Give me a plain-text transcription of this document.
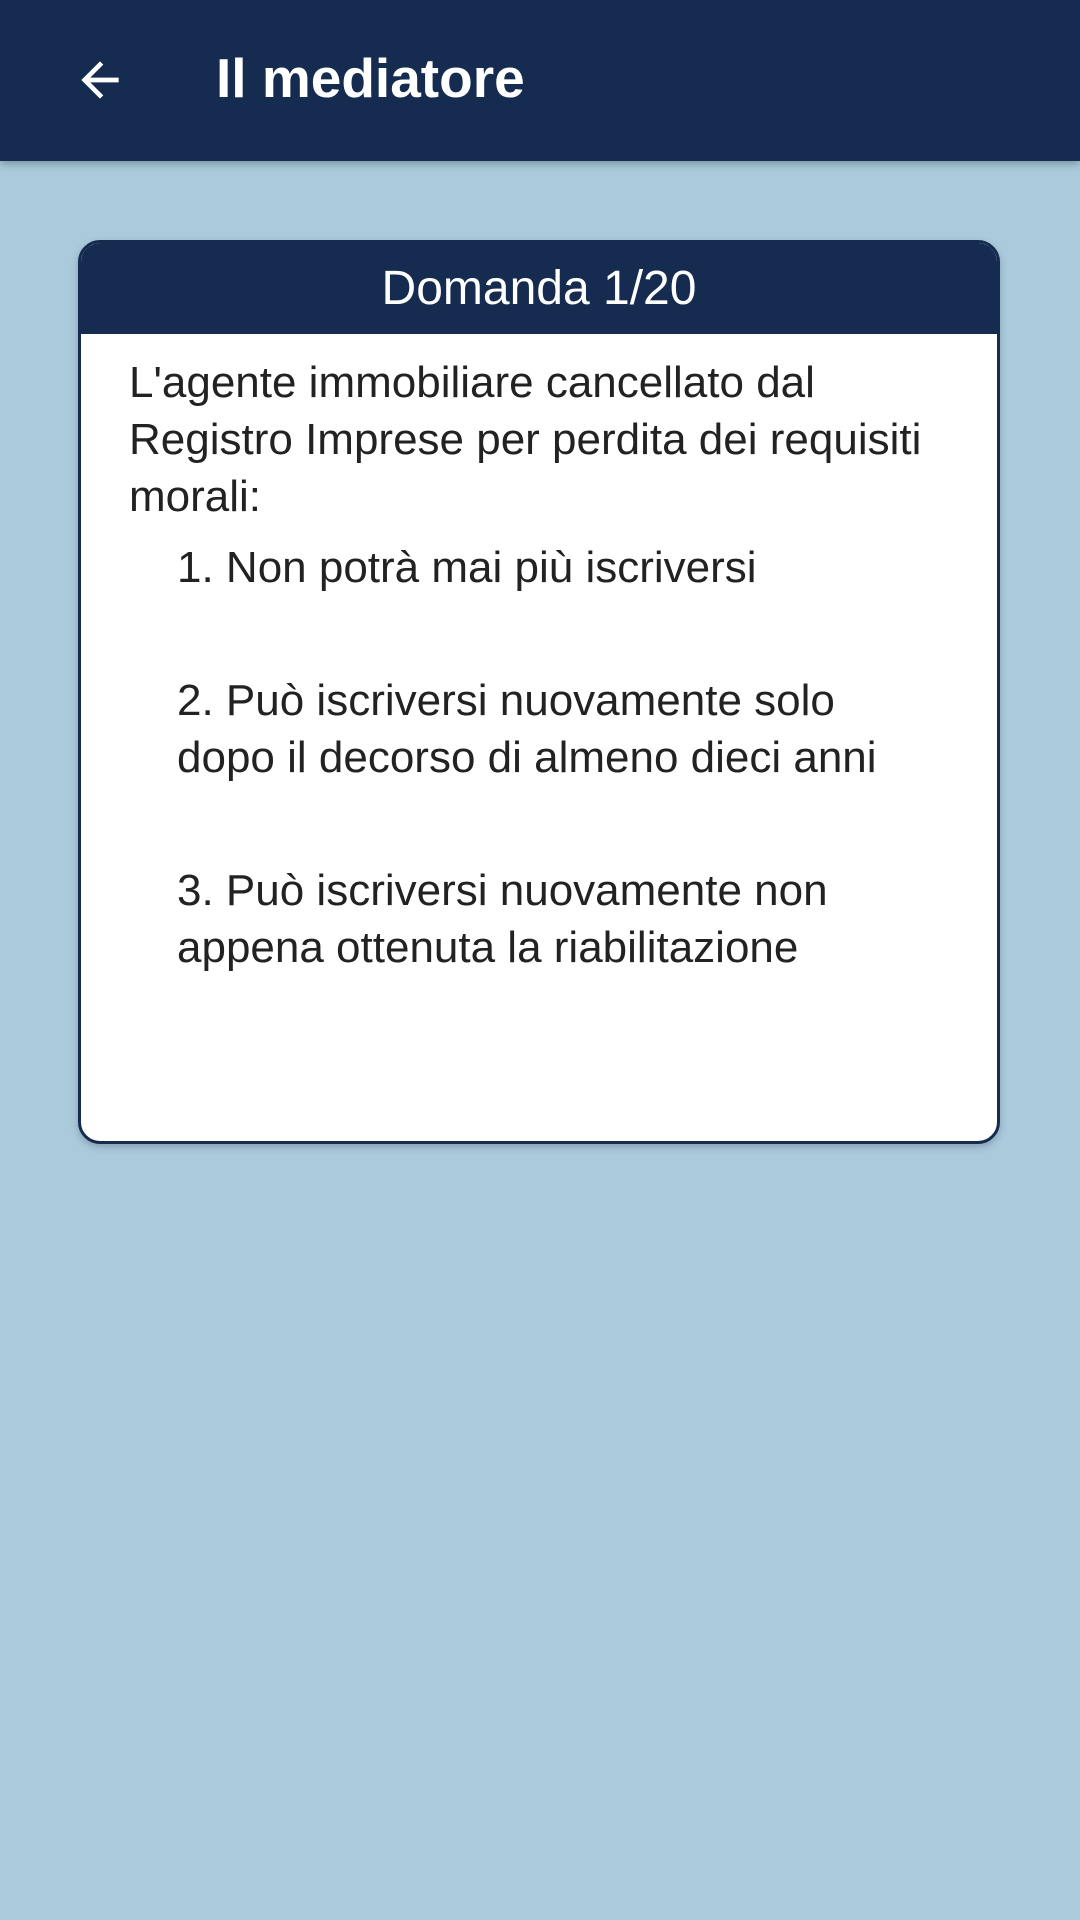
Il mediatore
Domanda 1/20

L'agente immobiliare cancellato dal Registro Imprese per perdita dei requisiti morali:

1. Non potrà mai più iscriversi
2. Può iscriversi nuovamente solo dopo il decorso di almeno dieci anni
3. Può iscriversi nuovamente non appena ottenuta la riabilitazione
